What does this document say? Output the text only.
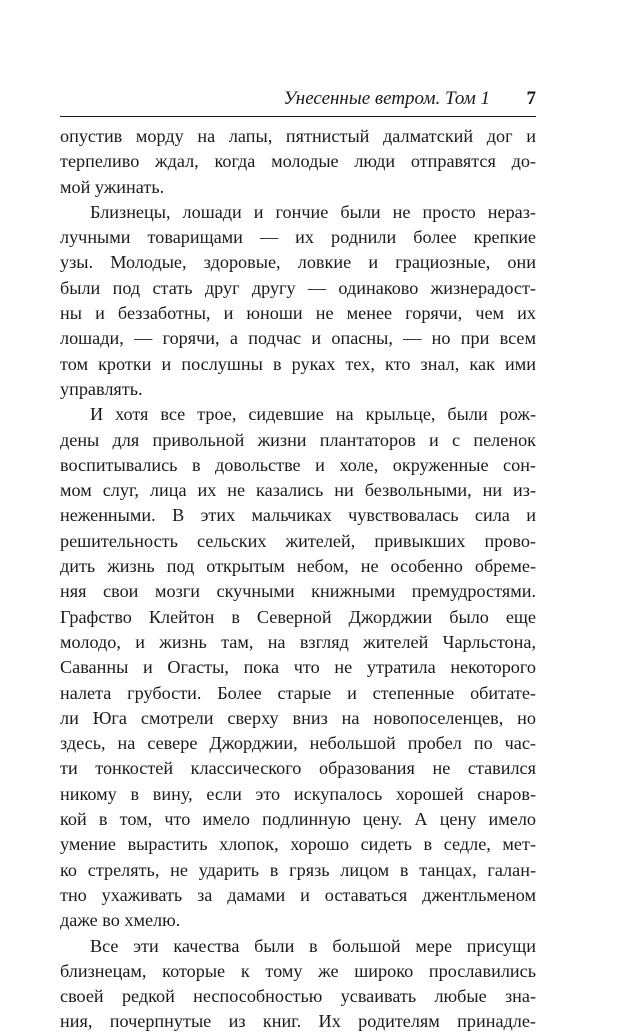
Унесенные ветром. Том 1 7
опустив морду на лапы, пятнистый далматский дог и
терпеливо ждал, когда молодые люди отправятся до-
мой ужинать.
Близнецы, лошади и гончие были не просто нераз-
лучными товарищами — их роднили более крепкие
узы. Молодые, здоровые, ловкие и грациозные, они
были под стать друг другу — одинаково жизнерадост-
ны и беззаботны, и юноши не менее горячи, чем их
лошади, — горячи, а подчас и опасны, — но при всем
том кротки и послушны в руках тех, кто знал, как ими
управлять.
И хотя все трое, сидевшие на крыльце, были рож-
дены для привольной жизни плантаторов и с пеленок
воспитывались в довольстве и холе, окруженные сон-
мом слуг, лица их не казались ни безвольными, ни из-
неженными. В этих мальчиках чувствовалась сила и
решительность сельских жителей, привыкших прово-
дить жизнь под открытым небом, не особенно обреме-
няя свои мозги скучными книжными премудростями.
Графство Клейтон в Северной Джорджии было еще
молодо, и жизнь там, на взгляд жителей Чарльстона,
Саванны и Огасты, пока что не утратила некоторого
налета грубости. Более старые и степенные обитате-
ли Юга смотрели сверху вниз на новопоселенцев, но
здесь, на севере Джорджии, небольшой пробел по час-
ти тонкостей классического образования не ставился
никому в вину, если это искупалось хорошей снаров-
кой в том, что имело подлинную цену. А цену имело
умение вырастить хлопок, хорошо сидеть в седле, мет-
ко стрелять, не ударить в грязь лицом в танцах, галан-
тно ухаживать за дамами и оставаться джентльменом
даже во хмелю.
Все эти качества были в большой мере присущи
близнецам, которые к тому же широко прославились
своей редкой неспособностью усваивать любые зна-
ния, почерпнутые из книг. Их родителям принадле-
